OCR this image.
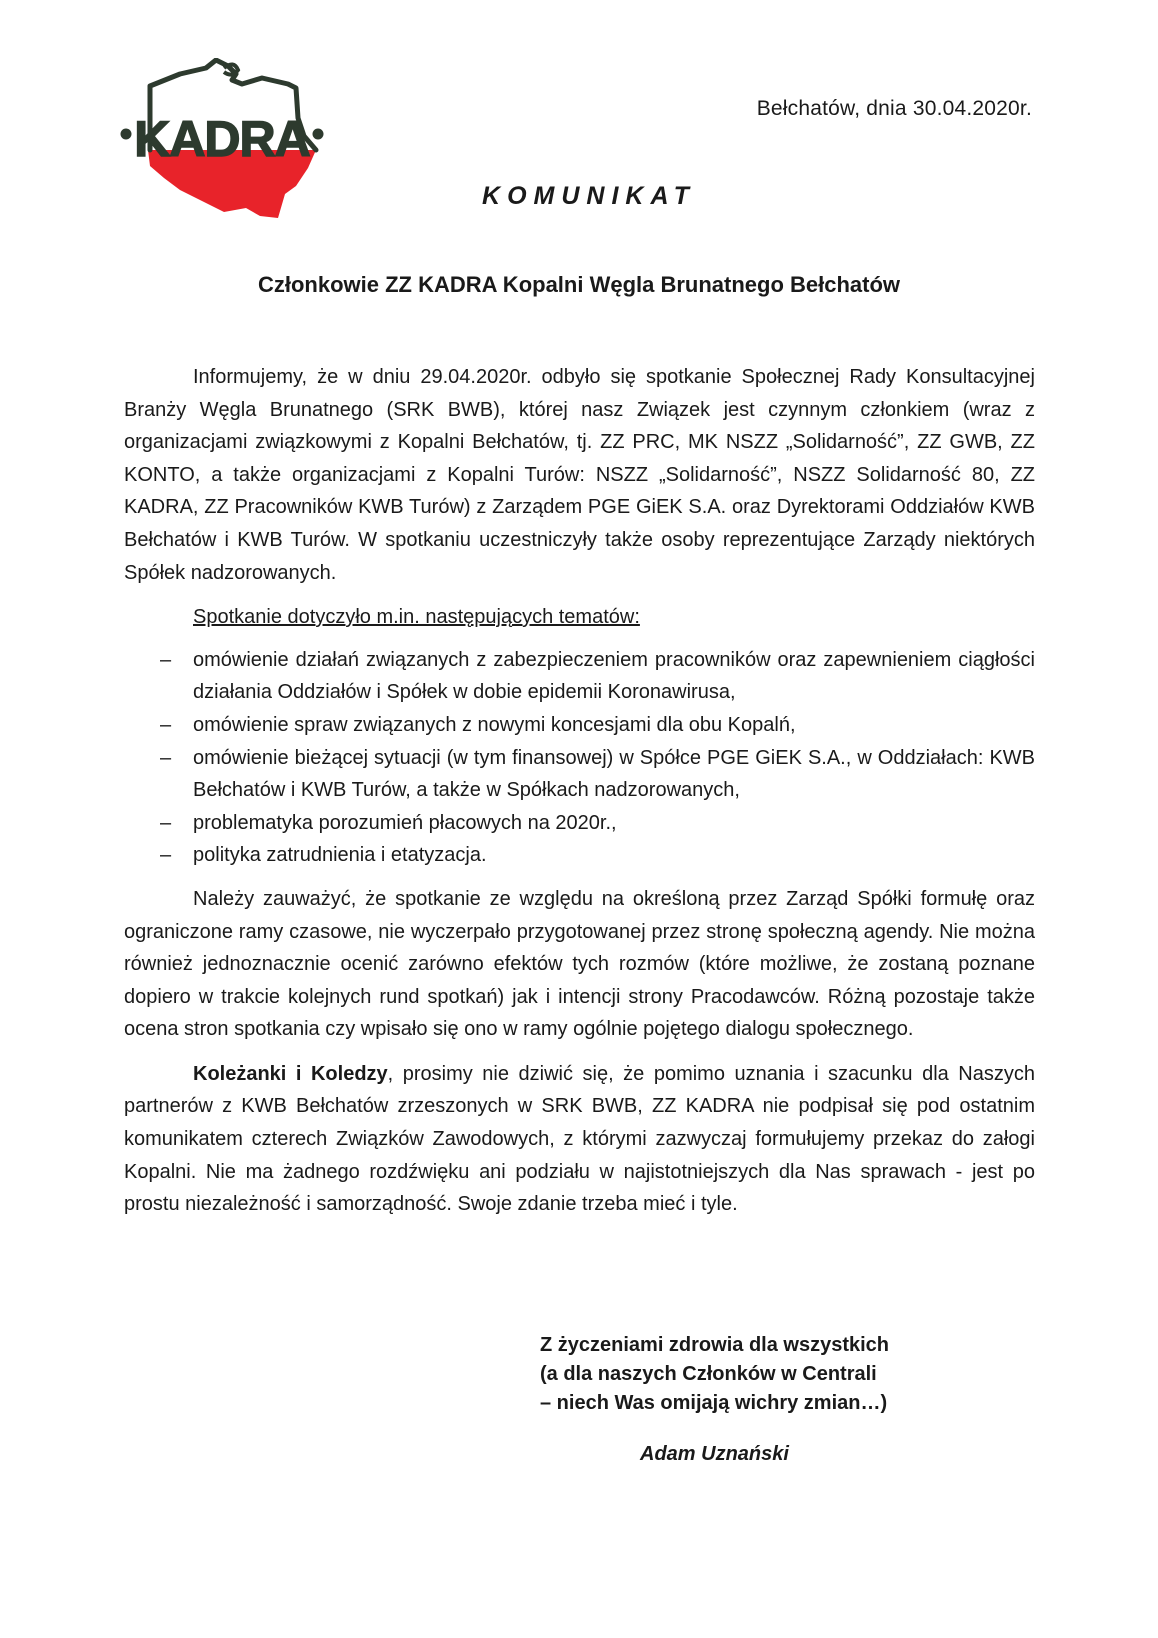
KADRA
Bełchatów, dnia 30.04.2020r.
KOMUNIKAT
Członkowie ZZ KADRA Kopalni Węgla Brunatnego Bełchatów

Informujemy, że w dniu 29.04.2020r. odbyło się spotkanie Społecznej Rady Konsultacyjnej Branży Węgla Brunatnego (SRK BWB), której nasz Związek jest czynnym członkiem (wraz z organizacjami związkowymi z Kopalni Bełchatów, tj. ZZ PRC, MK NSZZ „Solidarność”, ZZ GWB, ZZ KONTO, a także organizacjami z Kopalni Turów: NSZZ „Solidarność”, NSZZ Solidarność 80, ZZ KADRA, ZZ Pracowników KWB Turów) z Zarządem PGE GiEK S.A. oraz Dyrektorami Oddziałów KWB Bełchatów i KWB Turów. W spotkaniu uczestniczyły także osoby reprezentujące Zarządy niektórych Spółek nadzorowanych.

Spotkanie dotyczyło m.in. następujących tematów:
– omówienie działań związanych z zabezpieczeniem pracowników oraz zapewnieniem ciągłości działania Oddziałów i Spółek w dobie epidemii Koronawirusa,
– omówienie spraw związanych z nowymi koncesjami dla obu Kopalń,
– omówienie bieżącej sytuacji (w tym finansowej) w Spółce PGE GiEK S.A., w Oddziałach: KWB Bełchatów i KWB Turów, a także w Spółkach nadzorowanych,
– problematyka porozumień płacowych na 2020r.,
– polityka zatrudnienia i etatyzacja.

Należy zauważyć, że spotkanie ze względu na określoną przez Zarząd Spółki formułę oraz ograniczone ramy czasowe, nie wyczerpało przygotowanej przez stronę społeczną agendy. Nie można również jednoznacznie ocenić zarówno efektów tych rozmów (które możliwe, że zostaną poznane dopiero w trakcie kolejnych rund spotkań) jak i intencji strony Pracodawców. Różną pozostaje także ocena stron spotkania czy wpisało się ono w ramy ogólnie pojętego dialogu społecznego.

Koleżanki i Koledzy, prosimy nie dziwić się, że pomimo uznania i szacunku dla Naszych partnerów z KWB Bełchatów zrzeszonych w SRK BWB, ZZ KADRA nie podpisał się pod ostatnim komunikatem czterech Związków Zawodowych, z którymi zazwyczaj formułujemy przekaz do załogi Kopalni. Nie ma żadnego rozdźwięku ani podziału w najistotniejszych dla Nas sprawach - jest po prostu niezależność i samorządność. Swoje zdanie trzeba mieć i tyle.

Z życzeniami zdrowia dla wszystkich
(a dla naszych Członków w Centrali
– niech Was omijają wichry zmian…)
Adam Uznański
